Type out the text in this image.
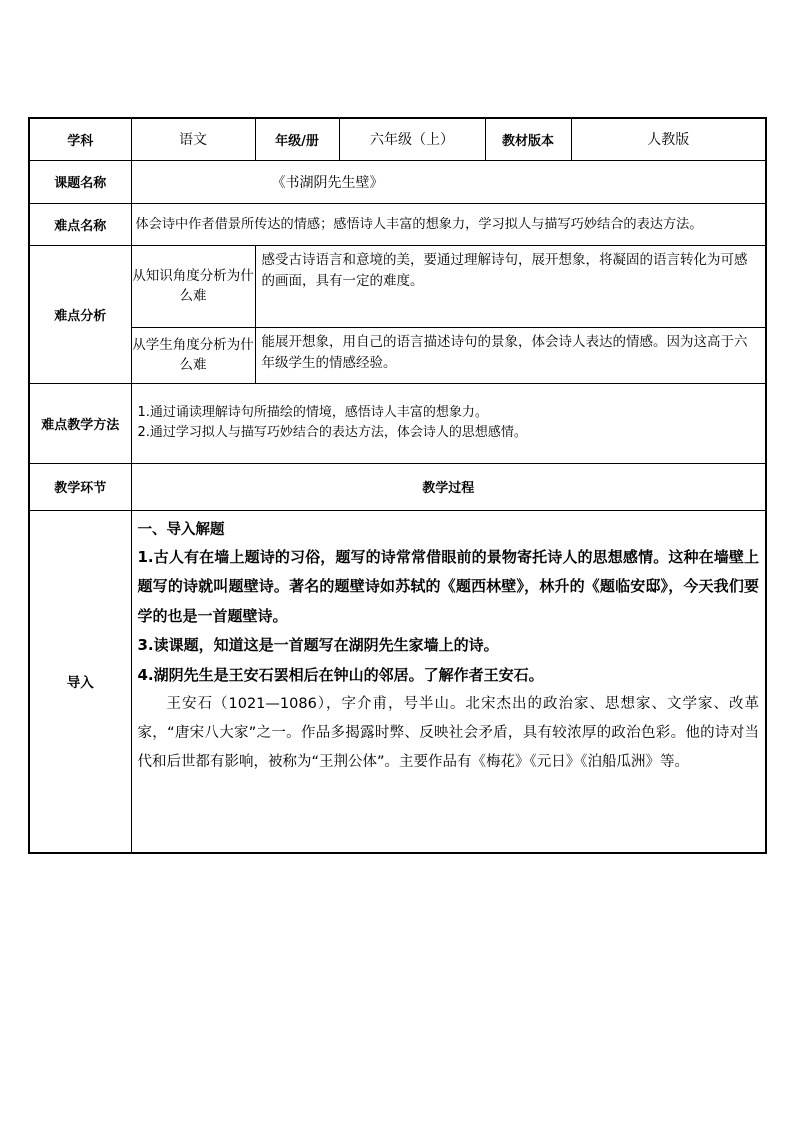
学科	语文	年级/册	六年级（上）	教材版本	人教版
课题名称	《书湖阴先生壁》				
难点名称	体会诗中作者借景所传达的情感；感悟诗人丰富的想象力，学习拟人与描写巧妙结合的表达方法。				
难点分析	从知识角度分析为什么难	感受古诗语言和意境的美，要通过理解诗句，展开想象，将凝固的语言转化为可感的画面，具有一定的难度。			
	从学生角度分析为什么难	能展开想象，用自己的语言描述诗句的景象，体会诗人表达的情感。因为这高于六年级学生的情感经验。			
难点教学方法	1.通过诵读理解诗句所描绘的情境，感悟诗人丰富的想象力。
2.通过学习拟人与描写巧妙结合的表达方法，体会诗人的思想感情。				

教学环节	教学过程				
导入	一、导入解题

1.古人有在墙上题诗的习俗，题写的诗常常借眼前的景物寄托诗人的思想感情。这种在墙壁上题写的诗就叫题壁诗。著名的题壁诗如苏轼的《题西林壁》，林升的《题临安邸》，今天我们要学的也是一首题壁诗。

3.读课题，知道这是一首题写在湖阴先生家墙上的诗。

4.湖阴先生是王安石罢相后在钟山的邻居。了解作者王安石。

王安石（1021—1086），字介甫，号半山。北宋杰出的政治家、思想家、文学家、改革家，“唐宋八大家”之一。作品多揭露时弊、反映社会矛盾，具有较浓厚的政治色彩。他的诗对当代和后世都有影响，被称为“王荆公体”。主要作品有《梅花》《元日》《泊船瓜洲》等。				
